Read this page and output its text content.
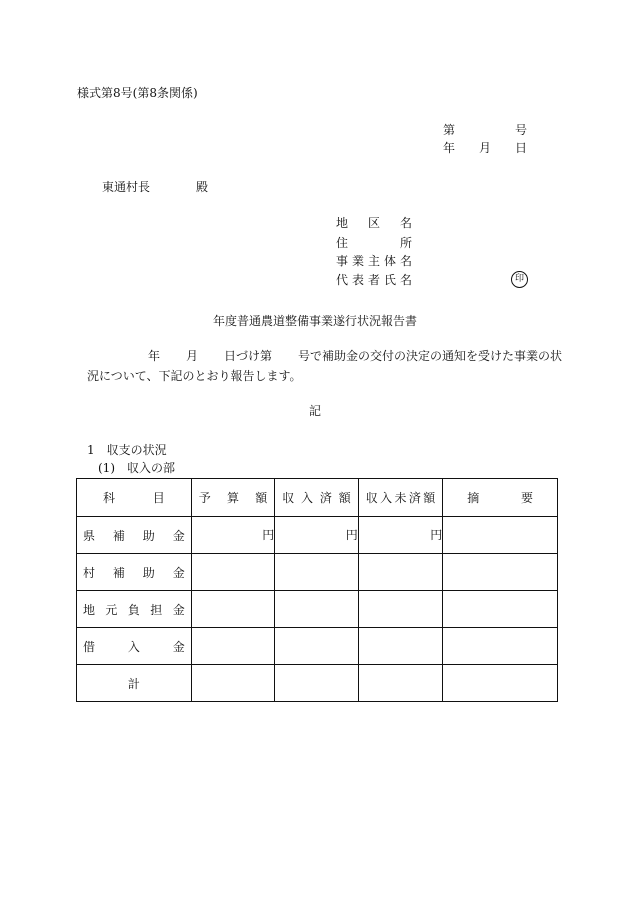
様式第8号(第8条関係)
第	号
年 月 日
東通村長	殿
地 区 名
住 所
事業主体名
代表者氏名	印
年度普通農道整備事業遂行状況報告書
年 月 日づけ第 号で補助金の交付の決定の通知を受けた事業の状
況について、下記のとおり報告します。
記
1　収支の状況
(1)　収入の部
科目	予算額	収入済額	収入未済額	摘要

県補助金	円	円	円	

村補助金				

地元負担金				

借入金				

計				
